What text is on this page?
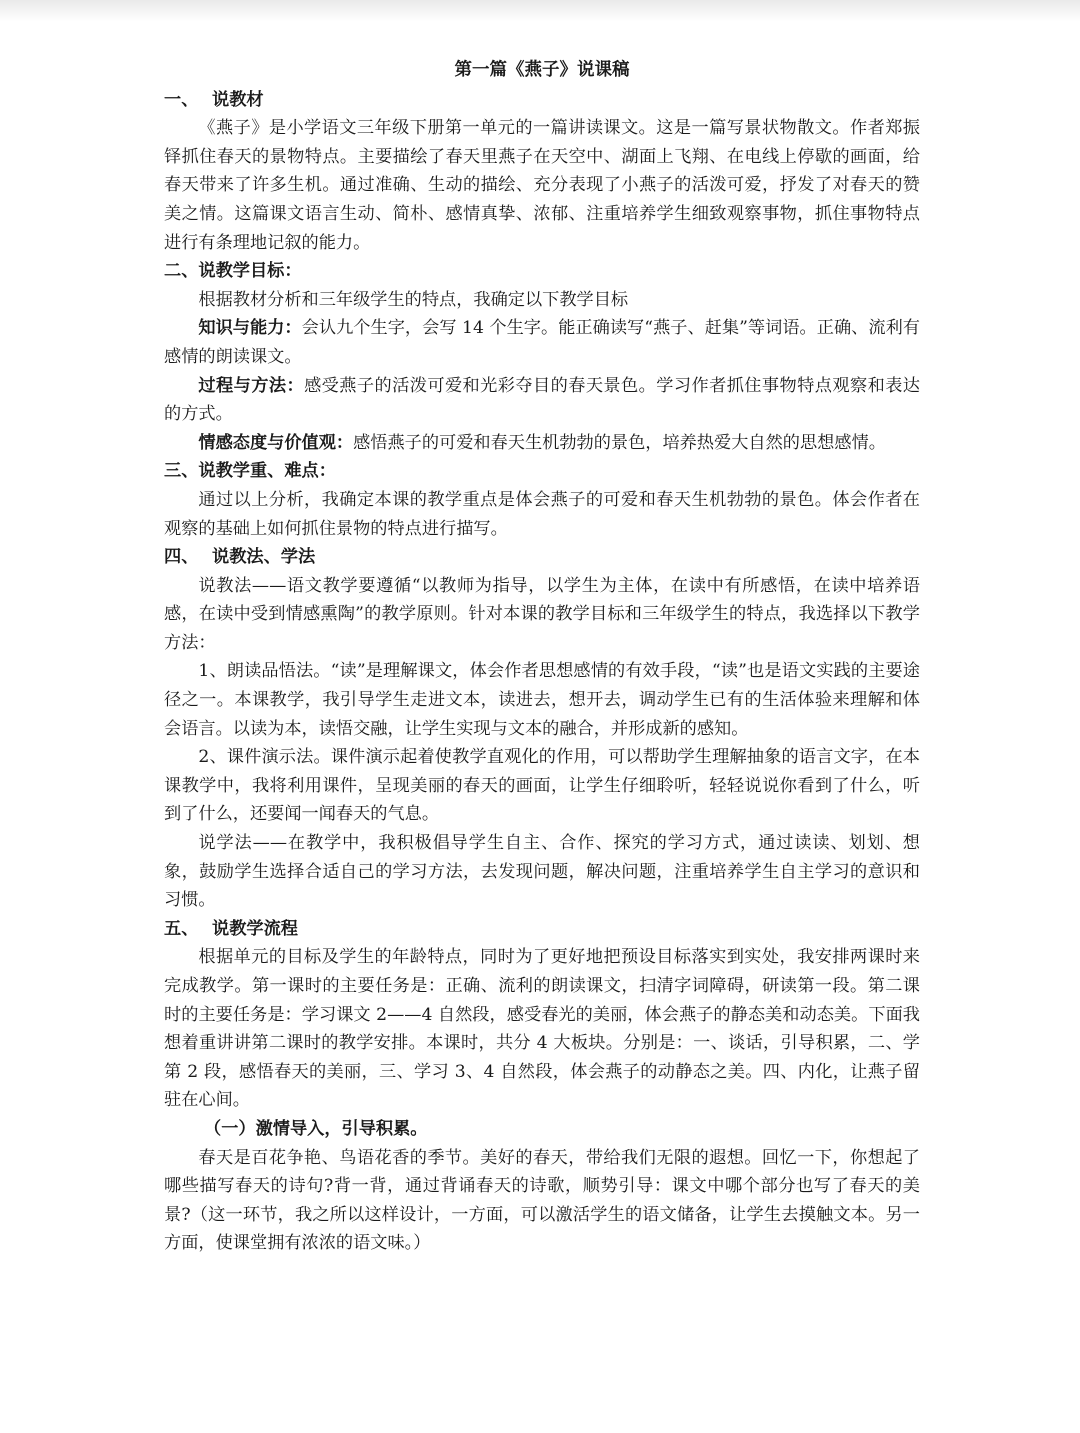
第一篇《燕子》说课稿
一、 说教材

《燕子》是小学语文三年级下册第一单元的一篇讲读课文。这是一篇写景状物散文。作者郑振铎抓住春天的景物特点。主要描绘了春天里燕子在天空中、湖面上飞翔、在电线上停歇的画面，给春天带来了许多生机。通过准确、生动的描绘、充分表现了小燕子的活泼可爱，抒发了对春天的赞美之情。这篇课文语言生动、简朴、感情真挚、浓郁、注重培养学生细致观察事物，抓住事物特点进行有条理地记叙的能力。

二、说教学目标：

根据教材分析和三年级学生的特点，我确定以下教学目标

知识与能力：会认九个生字，会写 14 个生字。能正确读写“燕子、赶集”等词语。正确、流利有感情的朗读课文。

过程与方法：感受燕子的活泼可爱和光彩夺目的春天景色。学习作者抓住事物特点观察和表达的方式。

情感态度与价值观：感悟燕子的可爱和春天生机勃勃的景色，培养热爱大自然的思想感情。

三、说教学重、难点：

通过以上分析，我确定本课的教学重点是体会燕子的可爱和春天生机勃勃的景色。体会作者在观察的基础上如何抓住景物的特点进行描写。

四、 说教法、学法

说教法——语文教学要遵循“以教师为指导，以学生为主体，在读中有所感悟，在读中培养语感，在读中受到情感熏陶”的教学原则。针对本课的教学目标和三年级学生的特点，我选择以下教学方法：

1、朗读品悟法。“读”是理解课文，体会作者思想感情的有效手段，“读”也是语文实践的主要途径之一。本课教学，我引导学生走进文本，读进去，想开去，调动学生已有的生活体验来理解和体会语言。以读为本，读悟交融，让学生实现与文本的融合，并形成新的感知。

2、课件演示法。课件演示起着使教学直观化的作用，可以帮助学生理解抽象的语言文字，在本课教学中，我将利用课件，呈现美丽的春天的画面，让学生仔细聆听，轻轻说说你看到了什么，听到了什么，还要闻一闻春天的气息。

说学法——在教学中，我积极倡导学生自主、合作、探究的学习方式，通过读读、划划、想象，鼓励学生选择合适自己的学习方法，去发现问题，解决问题，注重培养学生自主学习的意识和习惯。

五、 说教学流程

根据单元的目标及学生的年龄特点，同时为了更好地把预设目标落实到实处，我安排两课时来完成教学。第一课时的主要任务是：正确、流利的朗读课文，扫清字词障碍，研读第一段。第二课时的主要任务是：学习课文 2——4 自然段，感受春光的美丽，体会燕子的静态美和动态美。下面我想着重讲讲第二课时的教学安排。本课时，共分 4 大板块。分别是：一、谈话，引导积累，二、学第 2 段，感悟春天的美丽，三、学习 3、4 自然段，体会燕子的动静态之美。四、内化，让燕子留驻在心间。

（一）激情导入，引导积累。

春天是百花争艳、鸟语花香的季节。美好的春天，带给我们无限的遐想。回忆一下，你想起了哪些描写春天的诗句?背一背，通过背诵春天的诗歌，顺势引导：课文中哪个部分也写了春天的美景?（这一环节，我之所以这样设计，一方面，可以激活学生的语文储备，让学生去摸触文本。另一方面，使课堂拥有浓浓的语文味。）
